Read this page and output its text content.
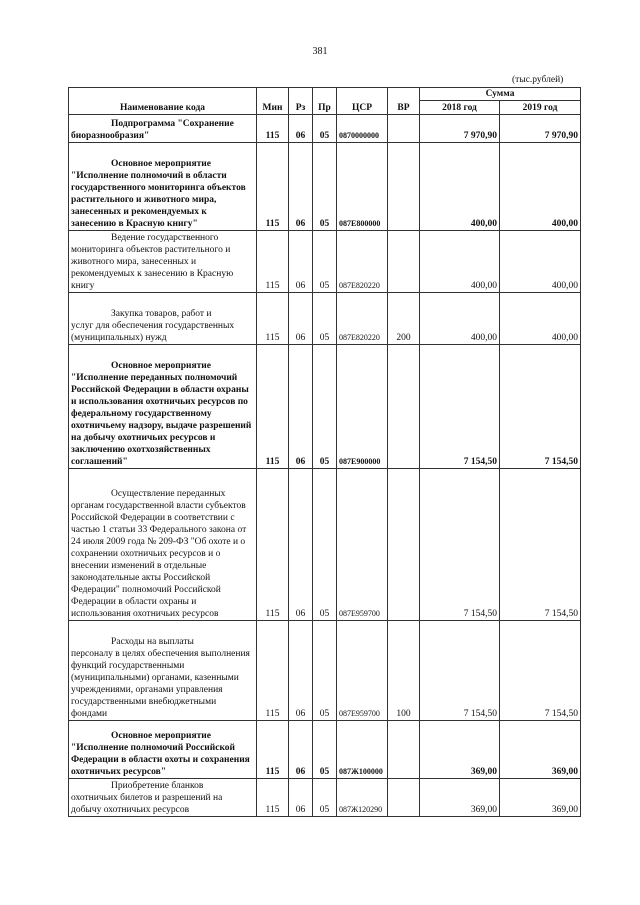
381
(тыс.рублей)
Наименование кода	Мин	Рз	Пр	ЦСР	ВР	Сумма	
						2018 год	2019 год

Подпрограмма "Сохранение
биоразнообразия"	115	06	05	0870000000		7 970,90	7 970,90

Основное мероприятие
"Исполнение полномочий в области государственного мониторинга объектов растительного и животного мира, занесенных и рекомендуемых к занесению в Красную книгу"	115	06	05	087E800000		400,00	400,00

Ведение государственного
мониторинга объектов растительного и животного мира, занесенных и рекомендуемых к занесению в Красную книгу	115	06	05	087E820220		400,00	400,00

Закупка товаров, работ и
услуг для обеспечения государственных (муниципальных) нужд	115	06	05	087E820220	200	400,00	400,00

Основное мероприятие
"Исполнение переданных полномочий Российской Федерации в области охраны и использования охотничьих ресурсов по федеральному государственному охотничьему надзору, выдаче разрешений на добычу охотничьих ресурсов и заключению охотхозяйственных соглашений"	115	06	05	087E900000		7 154,50	7 154,50

Осуществление переданных
органам государственной власти субъектов Российской Федерации в соответствии с частью 1 статьи 33 Федерального закона от 24 июля 2009 года № 209-ФЗ "Об охоте и о сохранении охотничьих ресурсов и о внесении изменений в отдельные законодательные акты Российской Федерации" полномочий Российской Федерации в области охраны и использования охотничьих ресурсов	115	06	05	087E959700		7 154,50	7 154,50

Расходы на выплаты
персоналу в целях обеспечения выполнения функций государственными (муниципальными) органами, казенными учреждениями, органами управления государственными внебюджетными фондами	115	06	05	087E959700	100	7 154,50	7 154,50

Основное мероприятие
"Исполнение полномочий Российской Федерации в области охоты и сохранения охотничьих ресурсов"	115	06	05	087Ж100000		369,00	369,00

Приобретение бланков
охотничьих билетов и разрешений на добычу охотничьих ресурсов	115	06	05	087Ж120290		369,00	369,00
